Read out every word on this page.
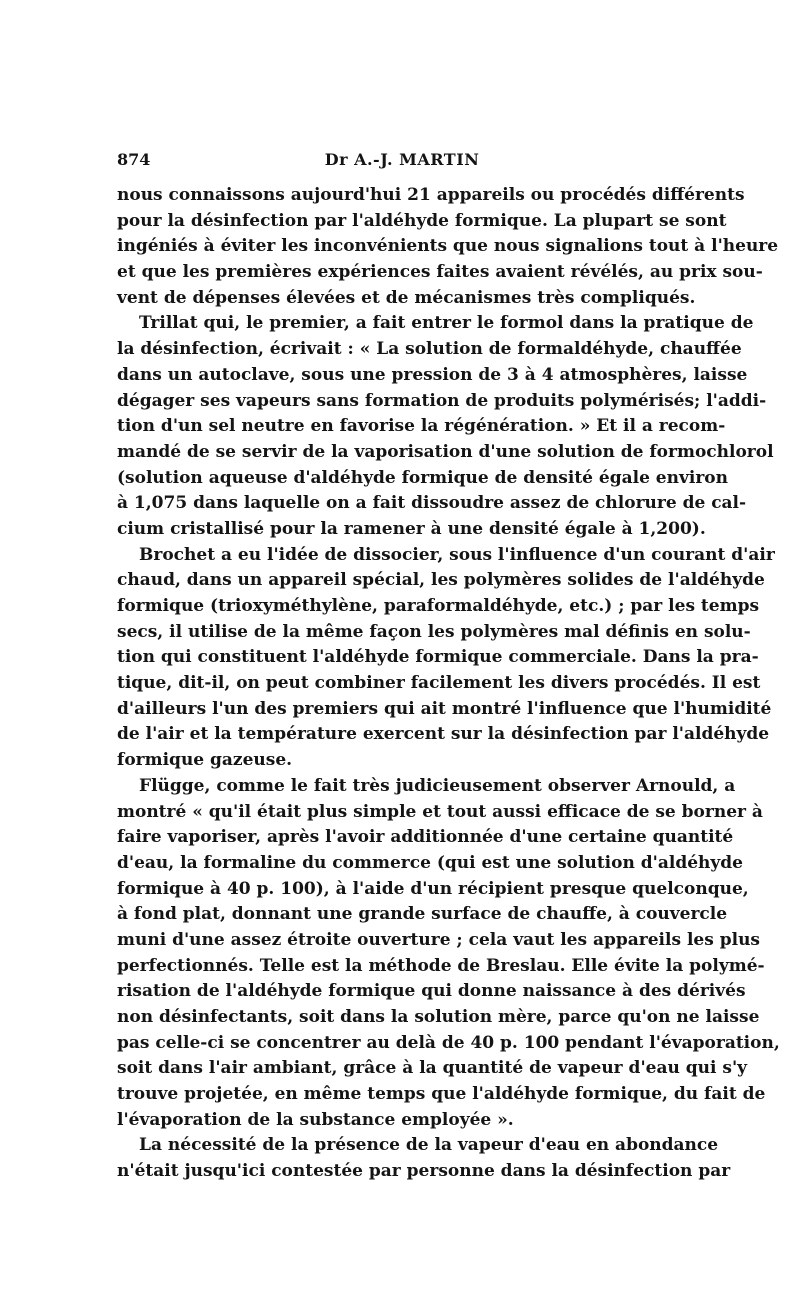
874	Dr A.-J. MARTIN
nous connaissons aujourd'hui 21 appareils ou procédés différents
pour la désinfection par l'aldéhyde formique. La plupart se sont
ingéniés à éviter les inconvénients que nous signalions tout à l'heure
et que les premières expériences faites avaient révélés, au prix sou-
vent de dépenses élevées et de mécanismes très compliqués.
Trillat qui, le premier, a fait entrer le formol dans la pratique de
la désinfection, écrivait : « La solution de formaldéhyde, chauffée
dans un autoclave, sous une pression de 3 à 4 atmosphères, laisse
dégager ses vapeurs sans formation de produits polymérisés; l'addi-
tion d'un sel neutre en favorise la régénération. » Et il a recom-
mandé de se servir de la vaporisation d'une solution de formochlorol
(solution aqueuse d'aldéhyde formique de densité égale environ
à 1,075 dans laquelle on a fait dissoudre assez de chlorure de cal-
cium cristallisé pour la ramener à une densité égale à 1,200).
Brochet a eu l'idée de dissocier, sous l'influence d'un courant d'air
chaud, dans un appareil spécial, les polymères solides de l'aldéhyde
formique (trioxyméthylène, paraformaldéhyde, etc.) ; par les temps
secs, il utilise de la même façon les polymères mal définis en solu-
tion qui constituent l'aldéhyde formique commerciale. Dans la pra-
tique, dit-il, on peut combiner facilement les divers procédés. Il est
d'ailleurs l'un des premiers qui ait montré l'influence que l'humidité
de l'air et la température exercent sur la désinfection par l'aldéhyde
formique gazeuse.
Flügge, comme le fait très judicieusement observer Arnould, a
montré « qu'il était plus simple et tout aussi efficace de se borner à
faire vaporiser, après l'avoir additionnée d'une certaine quantité
d'eau, la formaline du commerce (qui est une solution d'aldéhyde
formique à 40 p. 100), à l'aide d'un récipient presque quelconque,
à fond plat, donnant une grande surface de chauffe, à couvercle
muni d'une assez étroite ouverture ; cela vaut les appareils les plus
perfectionnés. Telle est la méthode de Breslau. Elle évite la polymé-
risation de l'aldéhyde formique qui donne naissance à des dérivés
non désinfectants, soit dans la solution mère, parce qu'on ne laisse
pas celle-ci se concentrer au delà de 40 p. 100 pendant l'évaporation,
soit dans l'air ambiant, grâce à la quantité de vapeur d'eau qui s'y
trouve projetée, en même temps que l'aldéhyde formique, du fait de
l'évaporation de la substance employée ».
La nécessité de la présence de la vapeur d'eau en abondance
n'était jusqu'ici contestée par personne dans la désinfection par
